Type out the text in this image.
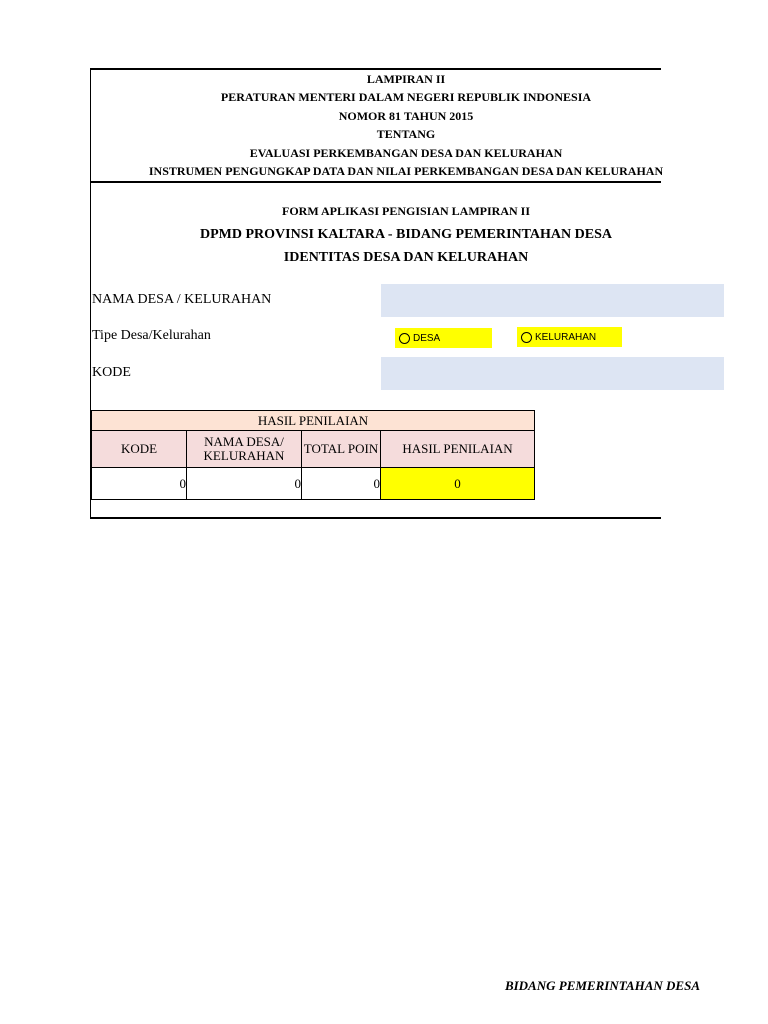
LAMPIRAN II
PERATURAN MENTERI DALAM NEGERI REPUBLIK INDONESIA
NOMOR 81 TAHUN 2015
TENTANG
EVALUASI PERKEMBANGAN DESA DAN KELURAHAN
INSTRUMEN PENGUNGKAP DATA DAN NILAI PERKEMBANGAN DESA DAN KELURAHAN
FORM APLIKASI PENGISIAN LAMPIRAN II
DPMD PROVINSI KALTARA - BIDANG PEMERINTAHAN DESA
IDENTITAS DESA DAN KELURAHAN
NAMA DESA / KELURAHAN
Tipe Desa/Kelurahan	DESA	KELURAHAN
KODE
HASIL PENILAIAN			
KODE	NAMA DESA/ KELURAHAN	TOTAL POIN	HASIL PENILAIAN
0	0	0	0
BIDANG PEMERINTAHAN DESA
